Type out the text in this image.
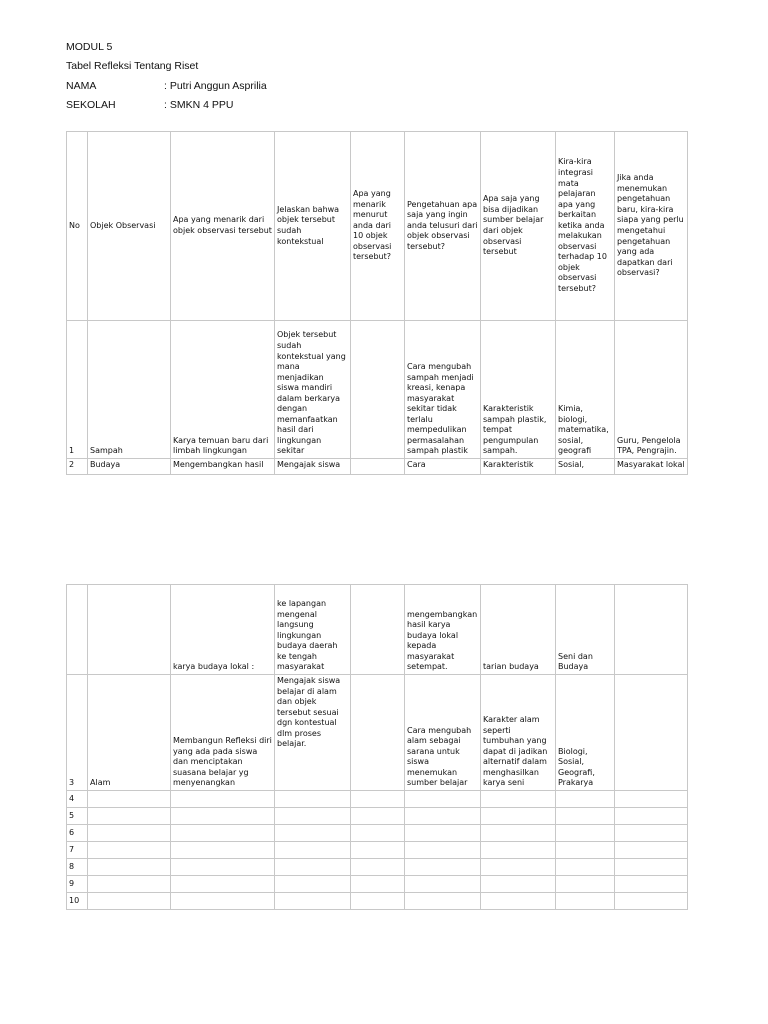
MODUL 5
Tabel Refleksi Tentang Riset
NAMA	: Putri Anggun Asprilia
SEKOLAH	: SMKN 4 PPU
No	Objek Observasi	Apa yang menarik dari objek observasi tersebut	Jelaskan bahwa objek tersebut sudah kontekstual	Apa yang menarik menurut anda dari 10 objek observasi tersebut?	Pengetahuan apa saja yang ingin anda telusuri dari objek observasi tersebut?	Apa saja yang bisa dijadikan sumber belajar dari objek observasi tersebut	Kira-kira integrasi mata pelajaran apa yang berkaitan ketika anda melakukan observasi terhadap 10 objek observasi tersebut?	Jika anda menemukan pengetahuan baru, kira-kira siapa yang perlu mengetahui pengetahuan yang ada dapatkan dari observasi?
1	Sampah	Karya temuan baru dari limbah lingkungan	Objek tersebut sudah kontekstual yang mana menjadikan siswa mandiri dalam berkarya dengan memanfaatkan hasil dari lingkungan sekitar		Cara mengubah sampah menjadi kreasi, kenapa masyarakat sekitar tidak terlalu mempedulikan permasalahan sampah plastik	Karakteristik sampah plastik, tempat pengumpulan sampah.	Kimia, biologi, matematika, sosial, geografi	Guru, Pengelola TPA, Pengrajin.
2	Budaya	Mengembangkan hasil	Mengajak siswa		Cara	Karakteristik	Sosial,	Masyarakat lokal
		karya budaya lokal :	ke lapangan mengenal langsung lingkungan budaya daerah ke tengah masyarakat		mengembangkan hasil karya budaya lokal kepada masyarakat setempat.	tarian budaya	Seni dan Budaya	
3	Alam	Membangun Refleksi diri yang ada pada siswa dan menciptakan suasana belajar yg menyenangkan	Mengajak siswa belajar di alam dan objek tersebut sesuai dgn kontestual dlm proses belajar.		Cara mengubah alam sebagai sarana untuk siswa menemukan sumber belajar	Karakter alam seperti tumbuhan yang dapat di jadikan alternatif dalam menghasilkan karya seni	Biologi, Sosial, Geografi, Prakarya	
4								
5								
6								
7								
8								
9								
10								
